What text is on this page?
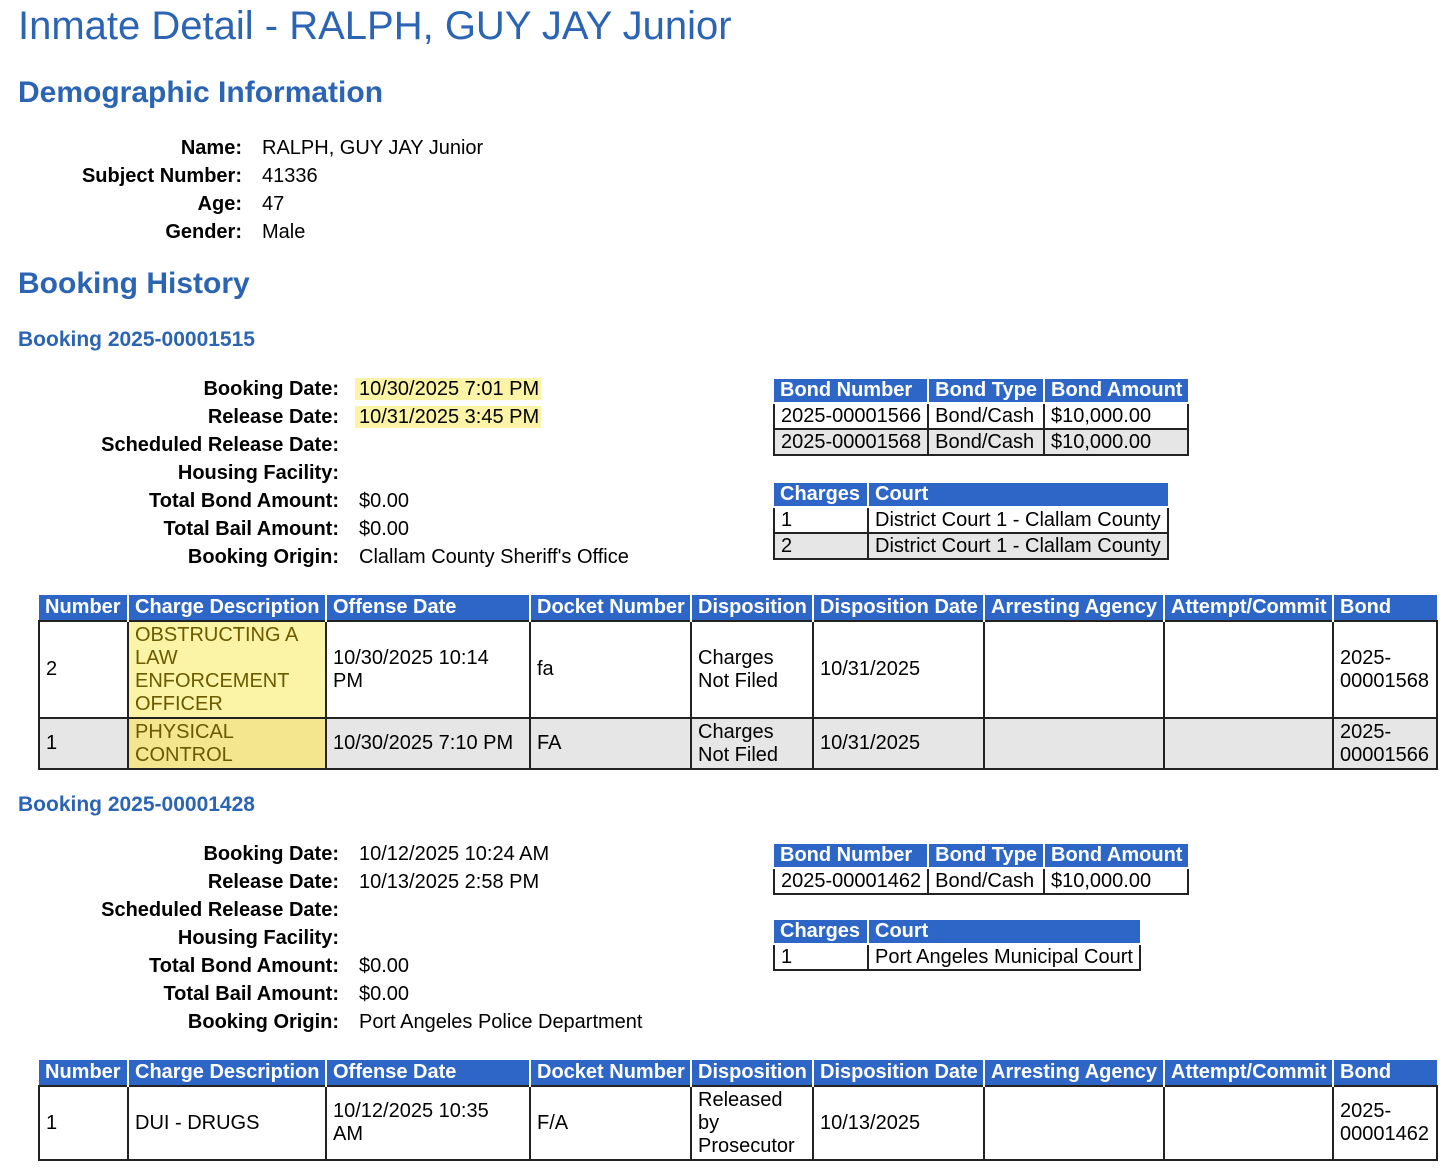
Inmate Detail - RALPH, GUY JAY Junior
Demographic Information
Name:	RALPH, GUY JAY Junior
Subject Number:	41336
Age:	47
Gender:	Male
Booking History
Booking 2025-00001515
Booking Date:	10/30/2025 7:01 PM
Release Date:	10/31/2025 3:45 PM
Scheduled Release Date:	
Housing Facility:	
Total Bond Amount:	$0.00
Total Bail Amount:	$0.00
Booking Origin:	Clallam County Sheriff's Office
Bond Number	Bond Type	Bond Amount
2025-00001566	Bond/Cash	$10,000.00
2025-00001568	Bond/Cash	$10,000.00
Charges	Court
1	District Court 1 - Clallam County
2	District Court 1 - Clallam County
Number	Charge Description	Offense Date	Docket Number	Disposition	Disposition Date	Arresting Agency	Attempt/Commit	Bond
2	OBSTRUCTING A LAW ENFORCEMENT OFFICER	10/30/2025 10:14 PM	fa	Charges Not Filed	10/31/2025			2025-00001568
1	PHYSICAL CONTROL	10/30/2025 7:10 PM	FA	Charges Not Filed	10/31/2025			2025-00001566
Booking 2025-00001428
Booking Date:	10/12/2025 10:24 AM
Release Date:	10/13/2025 2:58 PM
Scheduled Release Date:	
Housing Facility:	
Total Bond Amount:	$0.00
Total Bail Amount:	$0.00
Booking Origin:	Port Angeles Police Department
Bond Number	Bond Type	Bond Amount
2025-00001462	Bond/Cash	$10,000.00
Charges	Court
1	Port Angeles Municipal Court
Number	Charge Description	Offense Date	Docket Number	Disposition	Disposition Date	Arresting Agency	Attempt/Commit	Bond
1	DUI - DRUGS	10/12/2025 10:35 AM	F/A	Released by Prosecutor	10/13/2025			2025-00001462
